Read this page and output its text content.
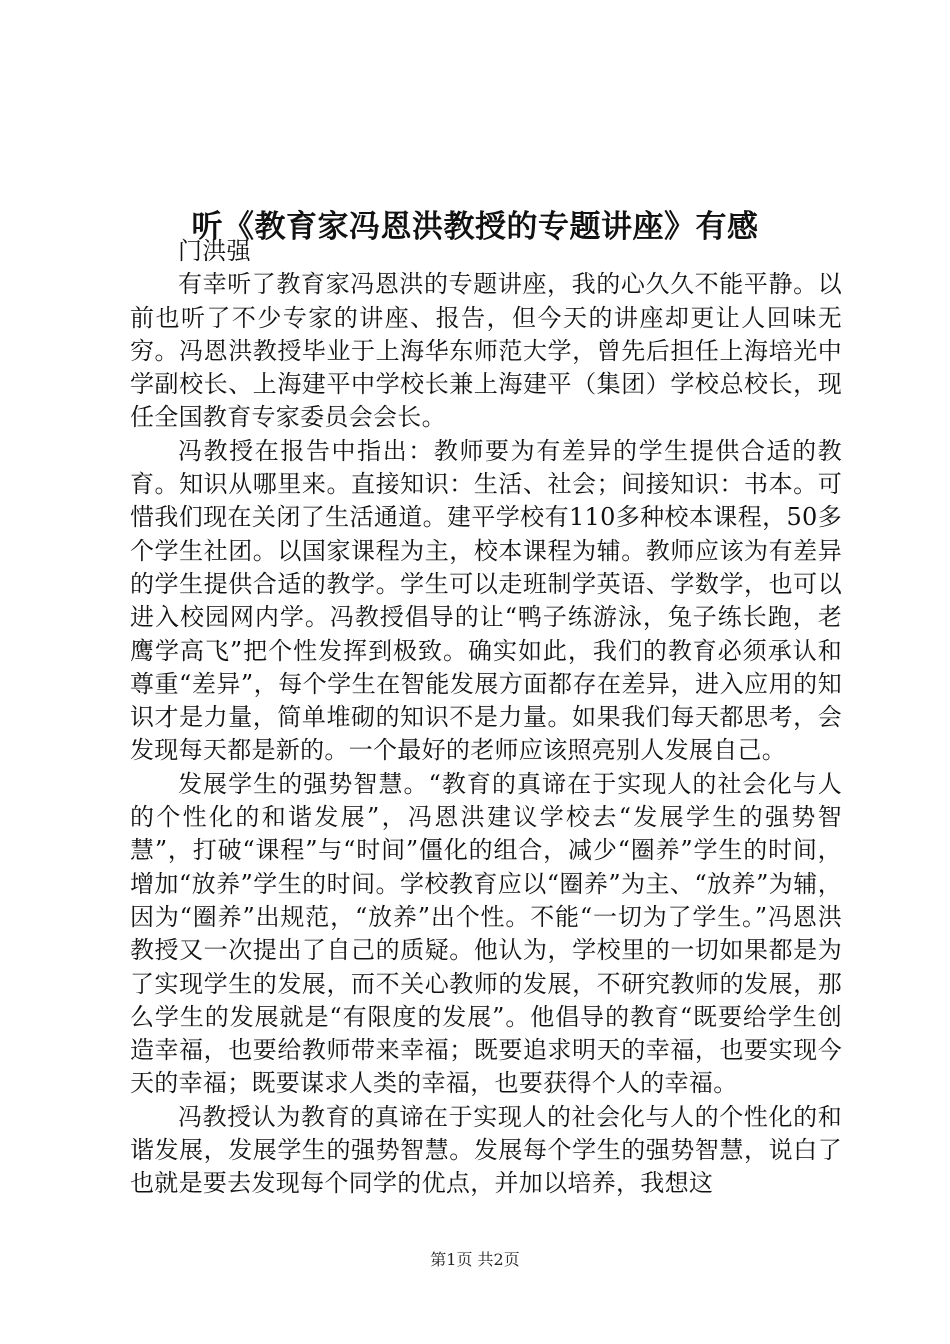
听《教育家冯恩洪教授的专题讲座》有感

门洪强

有幸听了教育家冯恩洪的专题讲座，我的心久久不能平静。以前也听了不少专家的讲座、报告，但今天的讲座却更让人回味无穷。冯恩洪教授毕业于上海华东师范大学，曾先后担任上海培光中学副校长、上海建平中学校长兼上海建平（集团）学校总校长，现任全国教育专家委员会会长。

冯教授在报告中指出：教师要为有差异的学生提供合适的教育。知识从哪里来。直接知识：生活、社会；间接知识：书本。可惜我们现在关闭了生活通道。建平学校有110多种校本课程，50多个学生社团。以国家课程为主，校本课程为辅。教师应该为有差异的学生提供合适的教学。学生可以走班制学英语、学数学，也可以进入校园网内学。冯教授倡导的让“鸭子练游泳，兔子练长跑，老鹰学高飞”把个性发挥到极致。确实如此，我们的教育必须承认和尊重“差异”，每个学生在智能发展方面都存在差异，进入应用的知识才是力量，简单堆砌的知识不是力量。如果我们每天都思考，会发现每天都是新的。一个最好的老师应该照亮别人发展自己。

发展学生的强势智慧。“教育的真谛在于实现人的社会化与人的个性化的和谐发展”，冯恩洪建议学校去“发展学生的强势智慧”，打破“课程”与“时间”僵化的组合，减少“圈养”学生的时间，增加“放养”学生的时间。学校教育应以“圈养”为主、“放养”为辅，因为“圈养”出规范，“放养”出个性。不能“一切为了学生。”冯恩洪教授又一次提出了自己的质疑。他认为，学校里的一切如果都是为了实现学生的发展，而不关心教师的发展，不研究教师的发展，那么学生的发展就是“有限度的发展”。他倡导的教育“既要给学生创造幸福，也要给教师带来幸福；既要追求明天的幸福，也要实现今天的幸福；既要谋求人类的幸福，也要获得个人的幸福。

冯教授认为教育的真谛在于实现人的社会化与人的个性化的和谐发展，发展学生的强势智慧。发展每个学生的强势智慧，说白了也就是要去发现每个同学的优点，并加以培养，我想这

第1页 共2页
